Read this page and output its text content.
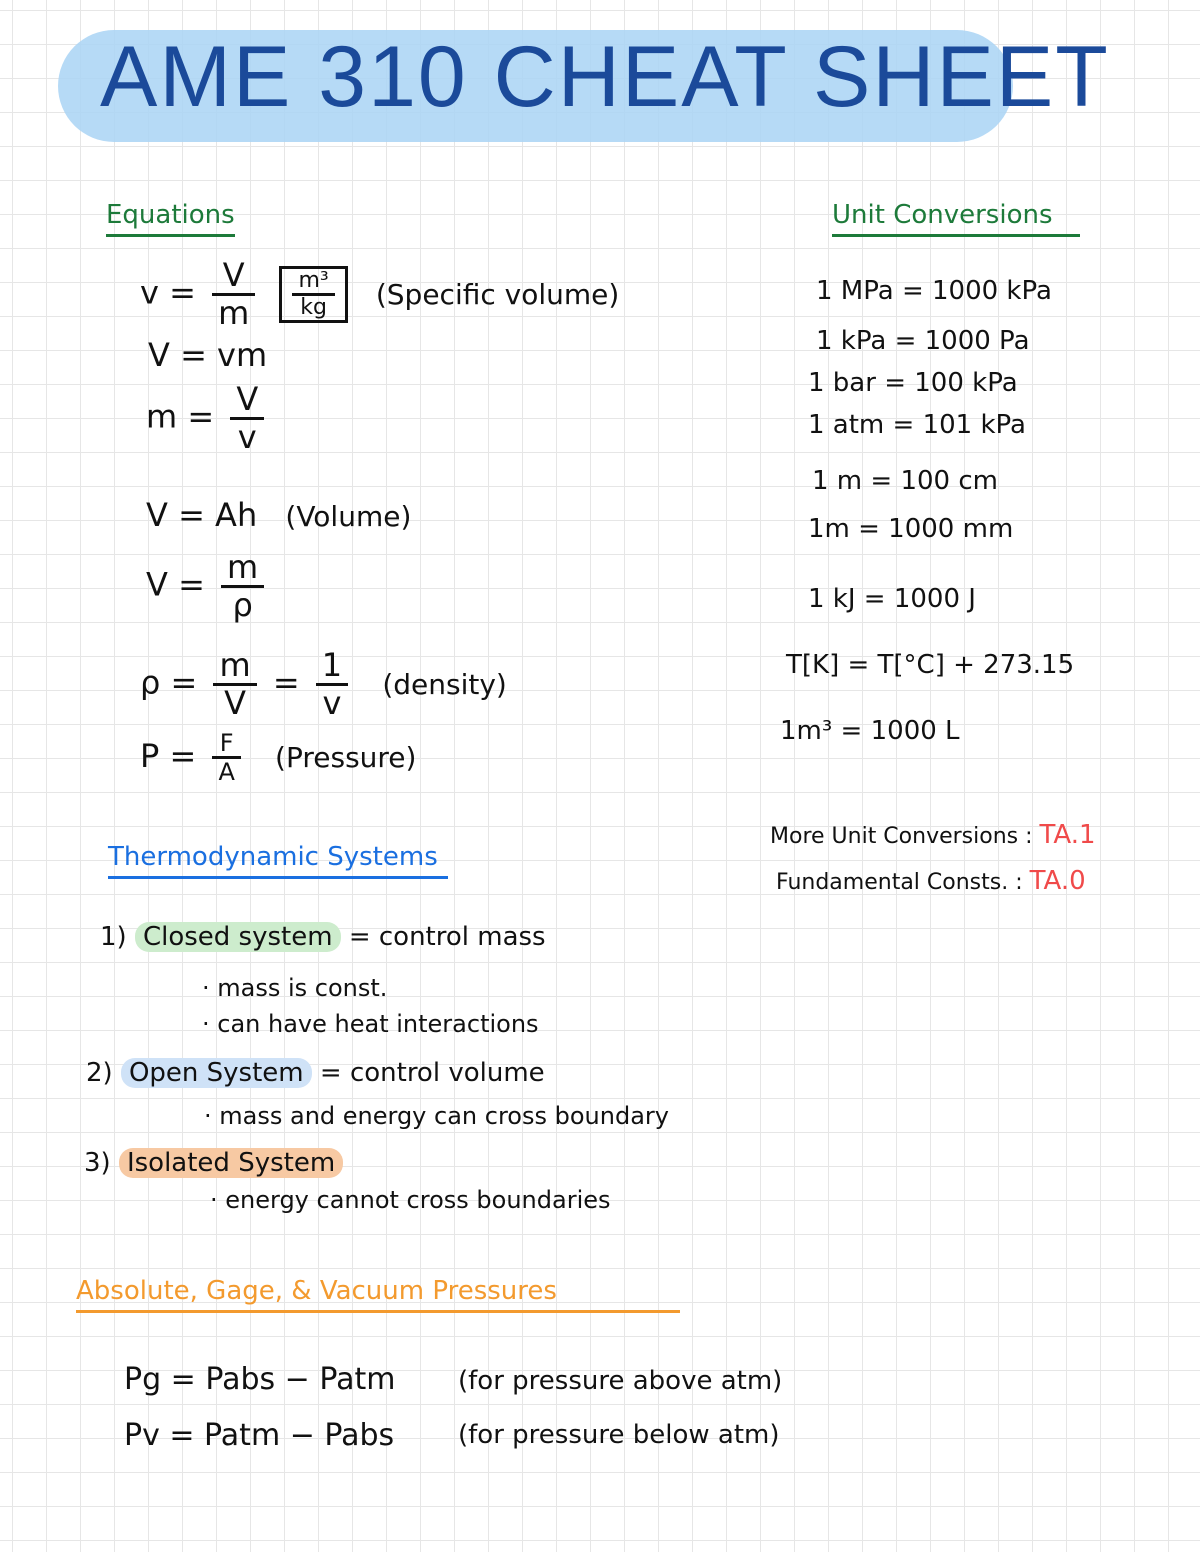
AME 310 CHEAT SHEET
Equations	Unit Conversions
Thermodynamic Systems
Absolute, Gage, & Vacuum Pressures
$v = \frac{V}{m}$
$\frac{\text{m³}}{kg}$ (Specific volume)
V = vm
$m = \frac{V}{v}$
V = Ah (Volume)
$V = \frac{m}{\rho}$
$\rho = \frac{m}{V} = \frac{1}{v}$ (density)
$P = \frac{F}{A}$ (Pressure)
1 MPa = 1000 kPa
1 kPa = 1000 Pa
1 bar = 100 kPa
1 atm = 101 kPa
1 m = 100 cm
1m = 1000 mm
1 kJ = 1000 J
T[K] = T[°C] + 273.15
1m³ = 1000 L
More Unit Conversions : TA.1
Fundamental Consts. : TA.0
1) Closed system = control mass
· mass is const.
· can have heat interactions
2) Open System = control volume
· mass and energy can cross boundary
3) Isolated System
· energy cannot cross boundaries
Pg = Pabs − Patm (for pressure above atm)
Pv = Patm − Pabs (for pressure below atm)
